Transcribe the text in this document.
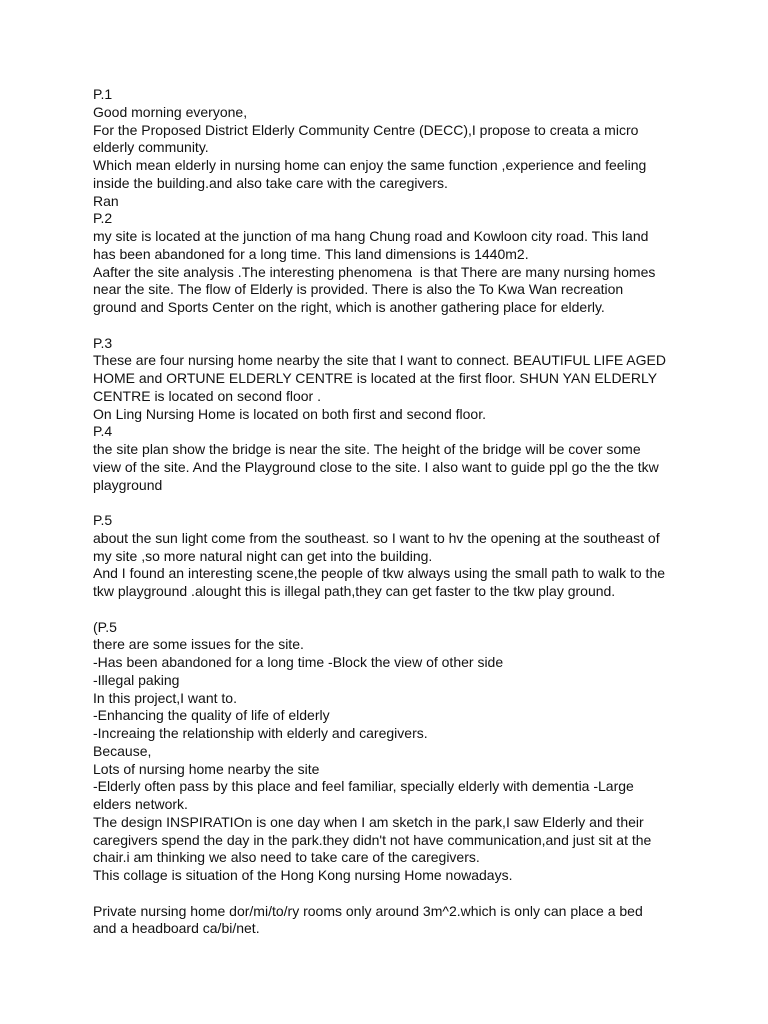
P.1
Good morning everyone,
For the Proposed District Elderly Community Centre (DECC),I propose to creata a micro
elderly community.
Which mean elderly in nursing home can enjoy the same function ,experience and feeling
inside the building.and also take care with the caregivers.
Ran
P.2
my site is located at the junction of ma hang Chung road and Kowloon city road. This land
has been abandoned for a long time. This land dimensions is 1440m2.
Aafter the site analysis .The interesting phenomena  is that There are many nursing homes
near the site. The flow of Elderly is provided. There is also the To Kwa Wan recreation
ground and Sports Center on the right, which is another gathering place for elderly.
P.3
These are four nursing home nearby the site that I want to connect. BEAUTIFUL LIFE AGED
HOME and ORTUNE ELDERLY CENTRE is located at the first floor. SHUN YAN ELDERLY
CENTRE is located on second floor .
On Ling Nursing Home is located on both first and second floor.
P.4
the site plan show the bridge is near the site. The height of the bridge will be cover some
view of the site. And the Playground close to the site. I also want to guide ppl go the the tkw
playground
P.5
about the sun light come from the southeast. so I want to hv the opening at the southeast of
my site ,so more natural night can get into the building.
And I found an interesting scene,the people of tkw always using the small path to walk to the
tkw playground .alought this is illegal path,they can get faster to the tkw play ground.
(P.5
there are some issues for the site.
-Has been abandoned for a long time -Block the view of other side
-Illegal paking
In this project,I want to.
-Enhancing the quality of life of elderly
-Increaing the relationship with elderly and caregivers.
Because,
Lots of nursing home nearby the site
-Elderly often pass by this place and feel familiar, specially elderly with dementia -Large
elders network.
The design INSPIRATIOn is one day when I am sketch in the park,I saw Elderly and their
caregivers spend the day in the park.they didn't not have communication,and just sit at the
chair.i am thinking we also need to take care of the caregivers.
This collage is situation of the Hong Kong nursing Home nowadays.
Private nursing home dor/mi/to/ry rooms only around 3m^2.which is only can place a bed
and a headboard ca/bi/net.
